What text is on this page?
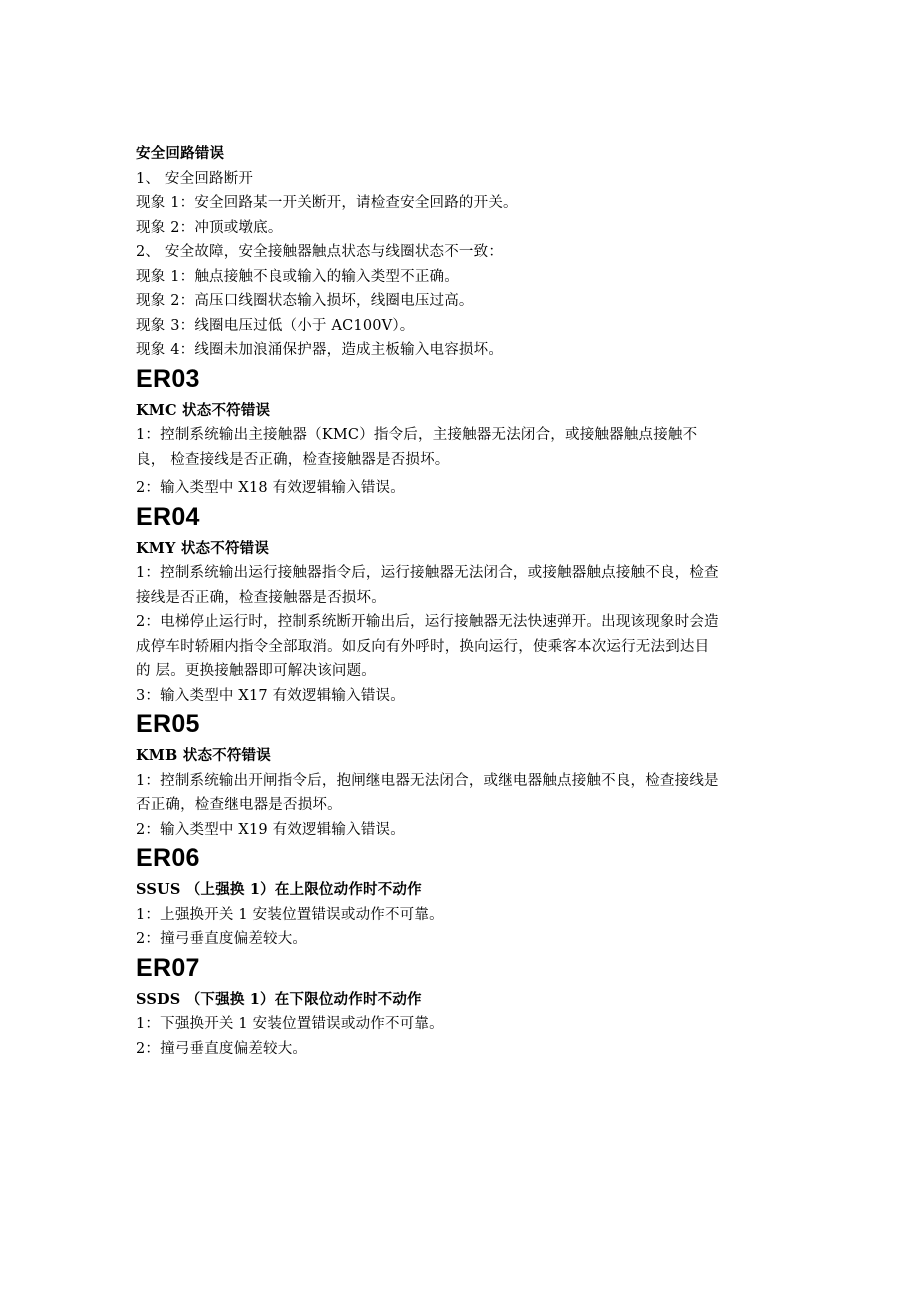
安全回路错误
1、 安全回路断开
现象 1：安全回路某一开关断开，请检查安全回路的开关。
现象 2：冲顶或墩底。
2、 安全故障，安全接触器触点状态与线圈状态不一致：
现象 1：触点接触不良或输入的输入类型不正确。
现象 2：高压口线圈状态输入损坏，线圈电压过高。
现象 3：线圈电压过低（小于 AC100V）。
现象 4：线圈未加浪涌保护器，造成主板输入电容损坏。
ER03
KMC 状态不符错误
1：控制系统输出主接触器（KMC）指令后，主接触器无法闭合，或接触器触点接触不
良， 检查接线是否正确，检查接触器是否损坏。
2：输入类型中 X18 有效逻辑输入错误。
ER04
KMY 状态不符错误
1：控制系统输出运行接触器指令后，运行接触器无法闭合，或接触器触点接触不良，检查
接线是否正确，检查接触器是否损坏。
2：电梯停止运行时，控制系统断开输出后，运行接触器无法快速弹开。出现该现象时会造
成停车时轿厢内指令全部取消。如反向有外呼时，换向运行，使乘客本次运行无法到达目
的 层。更换接触器即可解决该问题。
3：输入类型中 X17 有效逻辑输入错误。
ER05
KMB 状态不符错误
1：控制系统输出开闸指令后，抱闸继电器无法闭合，或继电器触点接触不良，检查接线是
否正确，检查继电器是否损坏。
2：输入类型中 X19 有效逻辑输入错误。
ER06
SSUS （上强换 1）在上限位动作时不动作
1：上强换开关 1 安装位置错误或动作不可靠。
2：撞弓垂直度偏差较大。
ER07
SSDS （下强换 1）在下限位动作时不动作
1：下强换开关 1 安装位置错误或动作不可靠。
2：撞弓垂直度偏差较大。
